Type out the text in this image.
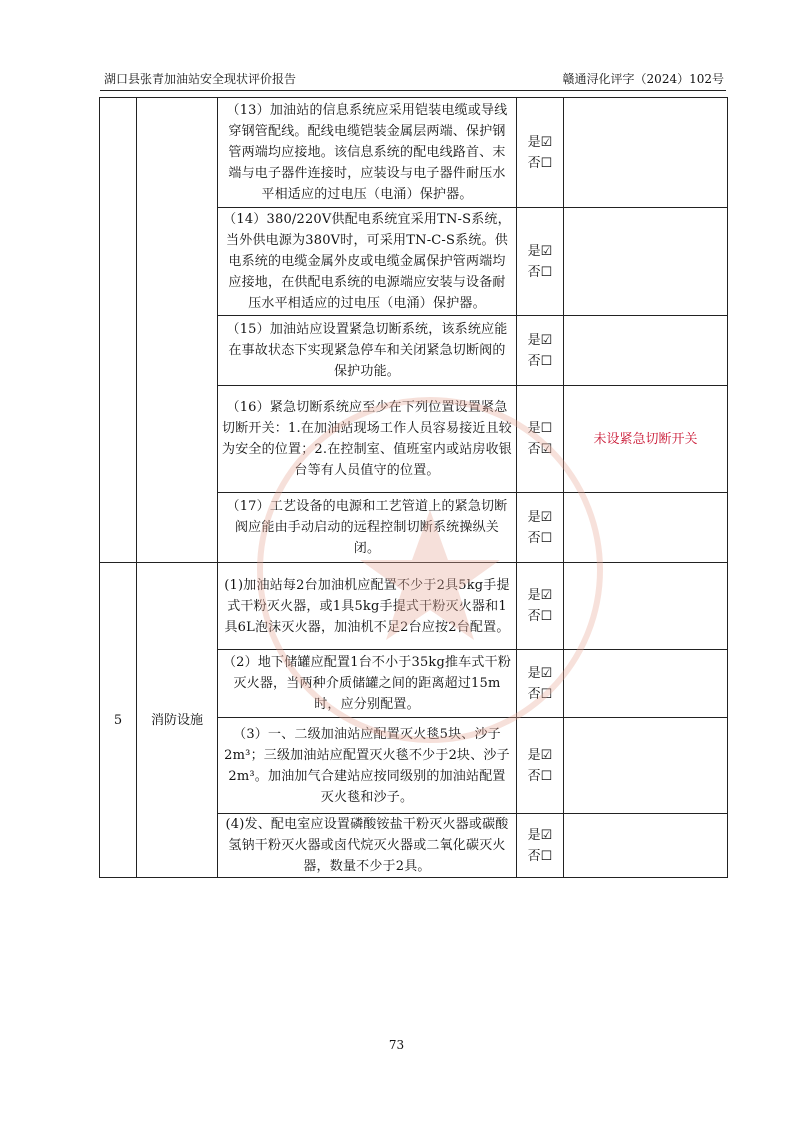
湖口县张青加油站安全现状评价报告	赣通浔化评字（2024）102号
		（13）加油站的信息系统应采用铠装电缆或导线穿钢管配线。配线电缆铠装金属层两端、保护钢管两端均应接地。该信息系统的配电线路首、末端与电子器件连接时，应装设与电子器件耐压水平相适应的过电压（电涌）保护器。	是☑
否☐	

		（14）380/220V供配电系统宜采用TN-S系统，当外供电源为380V时，可采用TN-C-S系统。供电系统的电缆金属外皮或电缆金属保护管两端均应接地，在供配电系统的电源端应安装与设备耐压水平相适应的过电压（电涌）保护器。	是☑
否☐	

		（15）加油站应设置紧急切断系统，该系统应能在事故状态下实现紧急停车和关闭紧急切断阀的保护功能。	是☑
否☐	

		（16）紧急切断系统应至少在下列位置设置紧急切断开关：1.在加油站现场工作人员容易接近且较为安全的位置；2.在控制室、值班室内或站房收银台等有人员值守的位置。	是☐
否☑	未设紧急切断开关
		（17）工艺设备的电源和工艺管道上的紧急切断阀应能由手动启动的远程控制切断系统操纵关闭。	是☑
否☐	

5	消防设施	(1)加油站每2台加油机应配置不少于2具5kg手提式干粉灭火器，或1具5kg手提式干粉灭火器和1具6L泡沫灭火器，加油机不足2台应按2台配置。	是☑
否☐	

		（2）地下储罐应配置1台不小于35kg推车式干粉灭火器，当两种介质储罐之间的距离超过15m时，应分别配置。	是☑
否☐	

		（3）一、二级加油站应配置灭火毯5块、沙子2m³；三级加油站应配置灭火毯不少于2块、沙子2m³。加油加气合建站应按同级别的加油站配置灭火毯和沙子。	是☑
否☐	

		(4)发、配电室应设置磷酸铵盐干粉灭火器或碳酸氢钠干粉灭火器或卤代烷灭火器或二氧化碳灭火器，数量不少于2具。	是☑
否☐	

73
